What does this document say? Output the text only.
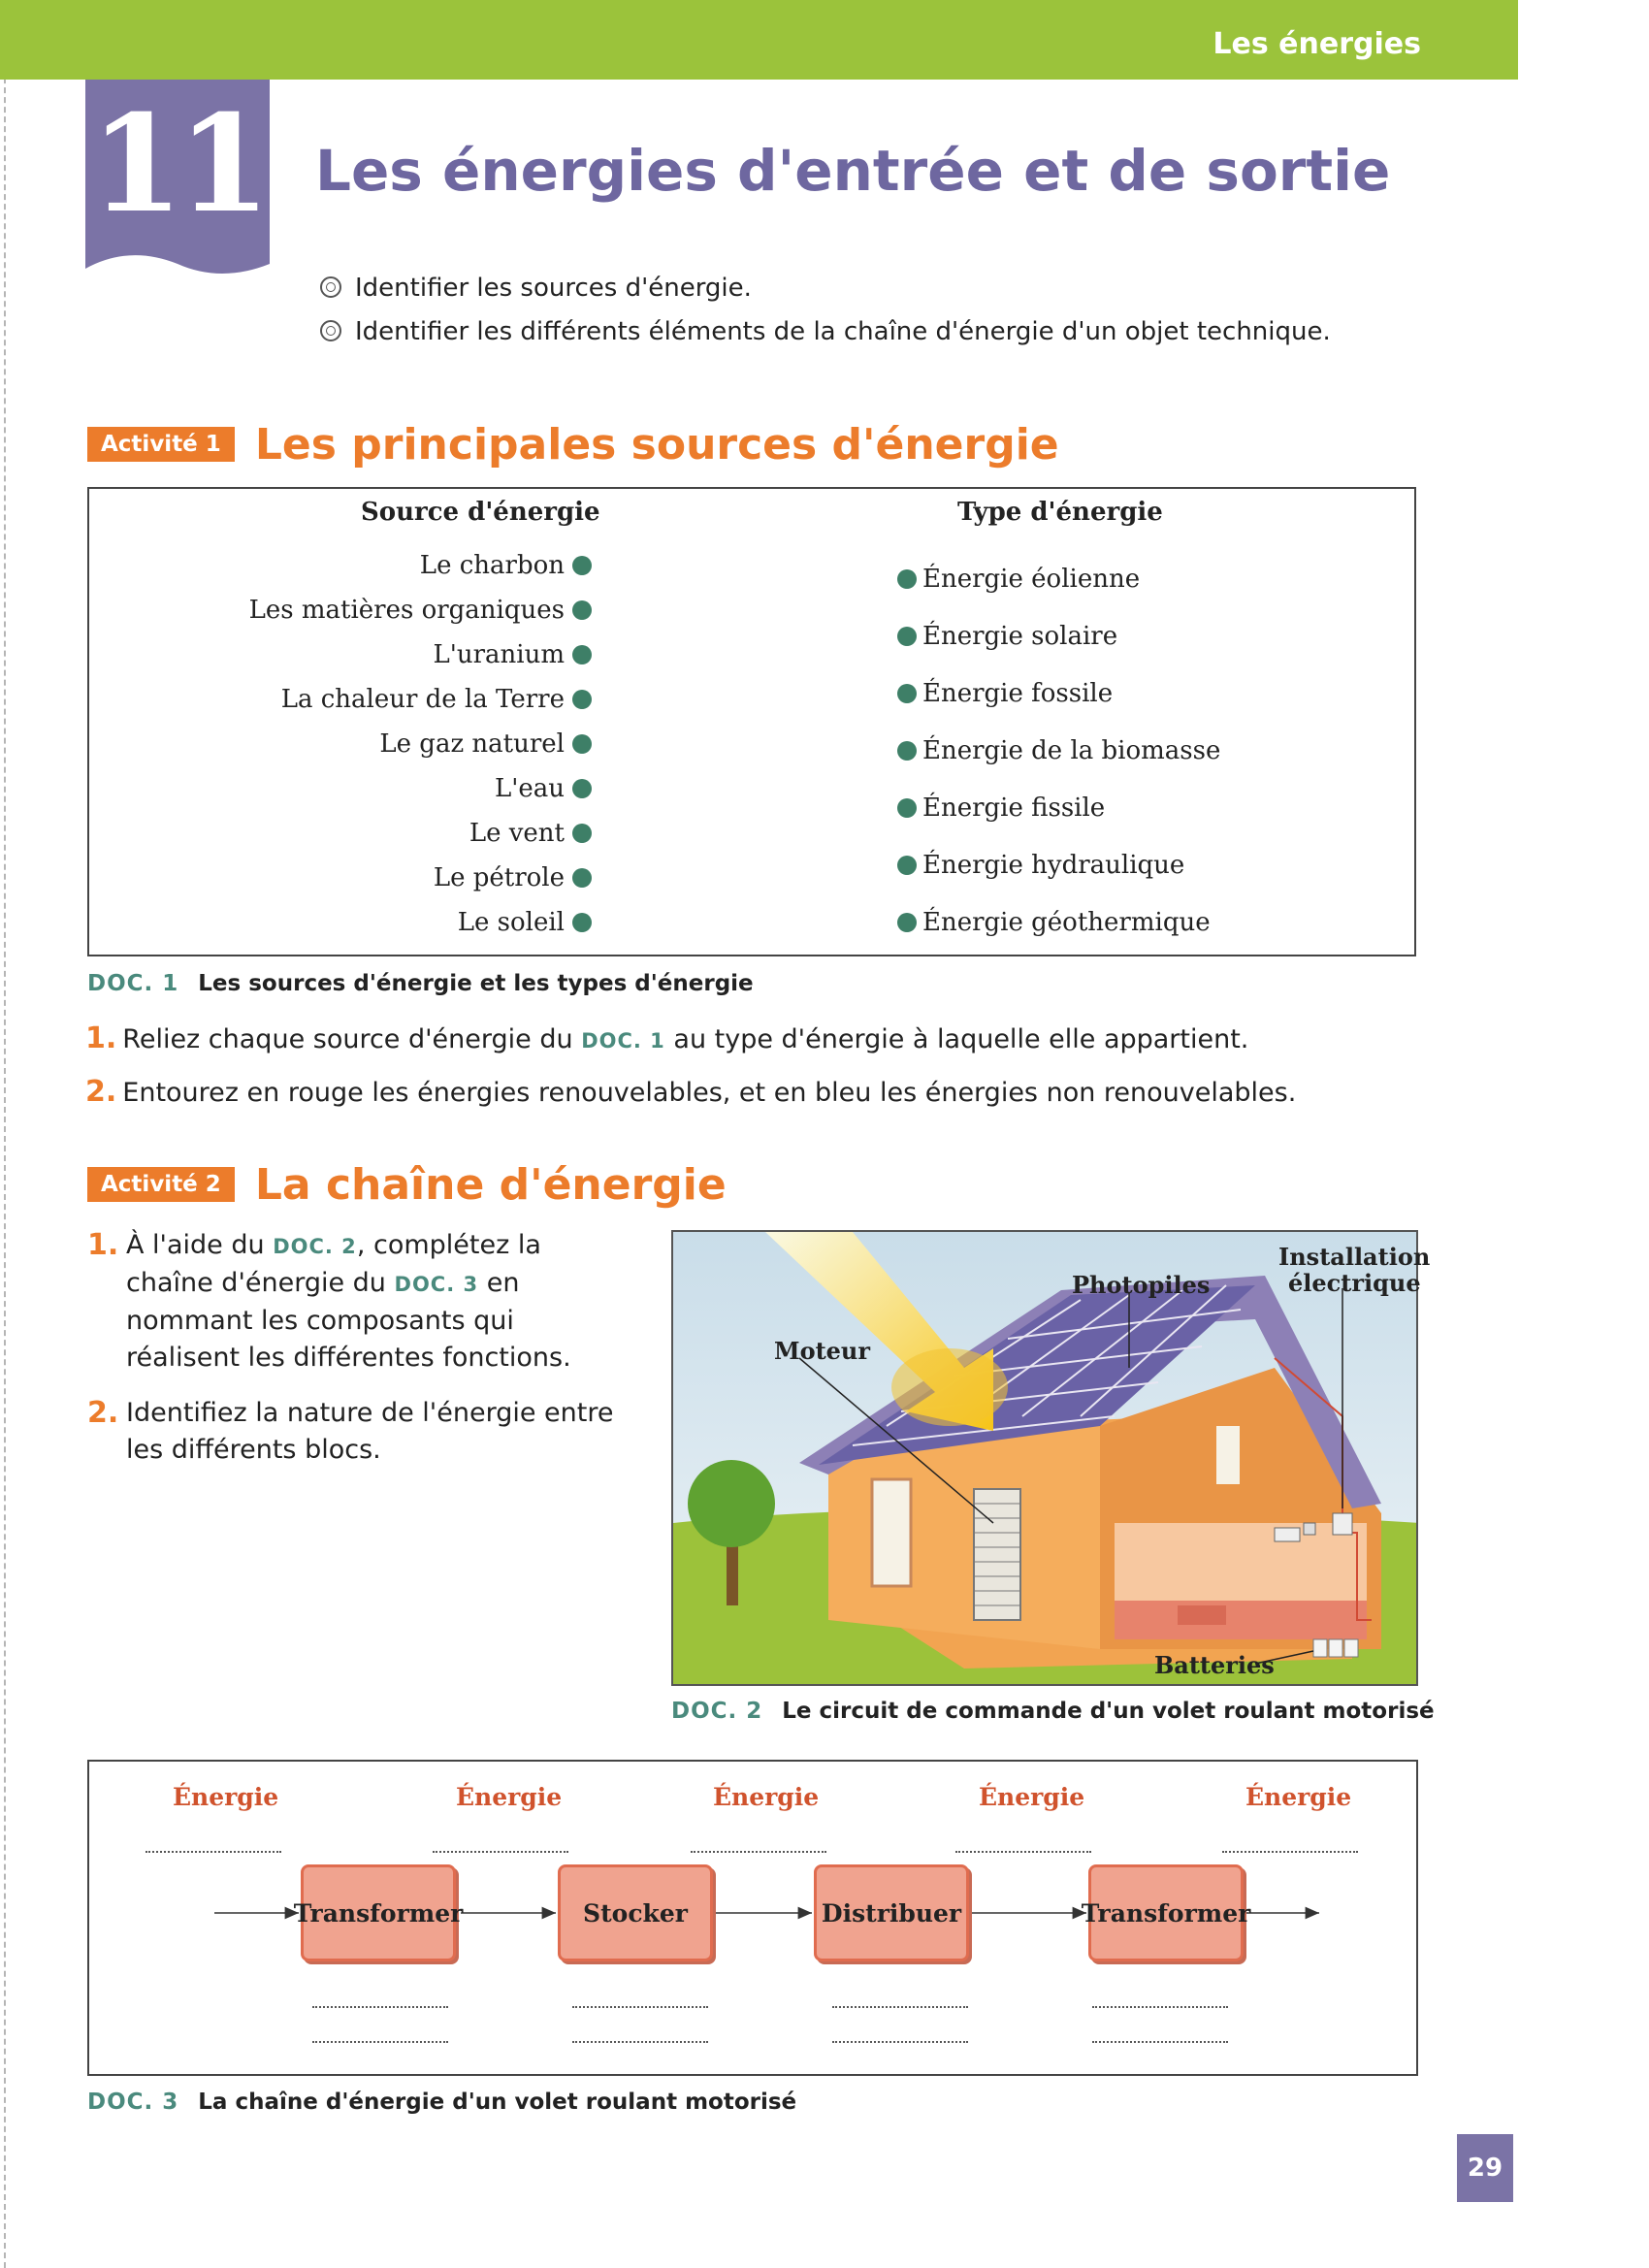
Les énergies
11 Les énergies d'entrée et de sortie
Identifier les sources d'énergie.
Identifier les différents éléments de la chaîne d'énergie d'un objet technique.
Activité 1 Les principales sources d'énergie
Source d'énergie	Type d'énergie
Le charbon
Les matières organiques
L'uranium
La chaleur de la Terre
Le gaz naturel
L'eau
Le vent
Le pétrole
Le soleil
Énergie éolienne
Énergie solaire
Énergie fossile
Énergie de la biomasse
Énergie fissile
Énergie hydraulique
Énergie géothermique
DOC. 1 Les sources d'énergie et les types d'énergie
1. Reliez chaque source d'énergie du DOC. 1 au type d'énergie à laquelle elle appartient.
2. Entourez en rouge les énergies renouvelables, et en bleu les énergies non renouvelables.
Activité 2 La chaîne d'énergie
1. À l'aide du DOC. 2, complétez la chaîne d'énergie du DOC. 3 en nommant les composants qui réalisent les différentes fonctions.
2. Identifiez la nature de l'énergie entre les différents blocs.
Photopiles
Installation
électrique
Moteur
Batteries
DOC. 2 Le circuit de commande d'un volet roulant motorisé
Énergie	Énergie	Énergie	Énergie	Énergie
Transformer	Stocker	Distribuer	Transformer
DOC. 3 La chaîne d'énergie d'un volet roulant motorisé
29
